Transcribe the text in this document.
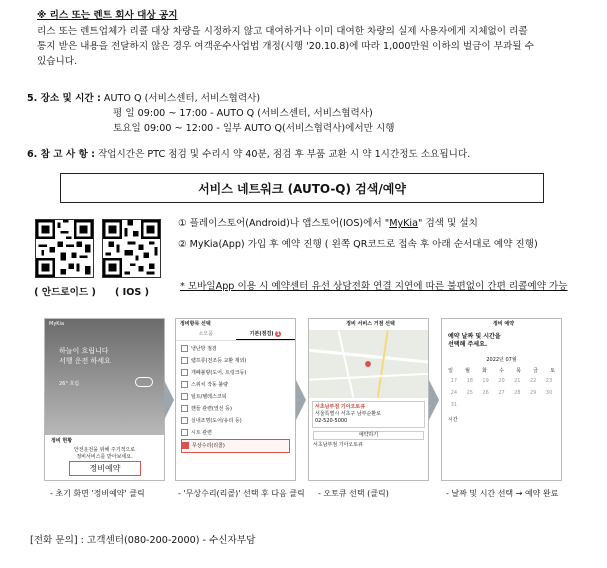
※ 리스 또는 렌트 회사 대상 공지
리스 또는 렌트업체가 리콜 대상 차량을 시정하지 않고 대여하거나 이미 대여한 차량의 실제 사용자에게 지체없이 리콜
통지 받은 내용을 전달하지 않은 경우 여객운수사업법 개정(시행 '20.10.8)에 따라 1,000만원 이하의 벌금이 부과될 수
있습니다.
5. 장소 및 시간 : AUTO Q (서비스센터, 서비스협력사)
평 일 09:00 ~ 17:00 - AUTO Q (서비스센터, 서비스협력사)
토요일 09:00 ~ 12:00 - 일부 AUTO Q(서비스협력사)에서만 시행
6. 참 고 사 항 : 작업시간은 PTC 점검 및 수리시 약 40분, 점검 후 부품 교환 시 약 1시간정도 소요됩니다.
서비스 네트워크 (AUTO-Q) 검색/예약
( 안드로이드 )	( IOS )
① 플레이스토어(Android)나 앱스토어(IOS)에서 "MyKia" 검색 및 설치
② MyKia(App) 가입 후 예약 진행 ( 왼쪽 QR코드로 접속 후 아래 순서대로 예약 진행)
* 모바일App 이용 시 예약센터 유선 상담전화 연결 지연에 따른 불편없이 간편 리콜예약 가능
MyKia
하늘이 흐립니다
서행 운전 하세요
26° 흐림
정비 현황
안전운전을 위해 주기적으로
정비서비스를 받아보세요.
정비예약
정비항목 선택
소모품	기본(점검) 1
냉난방 점검
램프류(전조등 교환 제외)
개폐불량(도어, 트렁크등)
스위치 작동 불량
틸트/텔레스코픽
핸들 관련(열선 등)
실내조명(도어/유리 등)
시트 관련
무상수리(리콜)
정비 서비스 거점 선택
서초남부점 기아오토큐
서울특별시 서초구 남부순환로
02-520-5000
예약하기
서초남부점 기아오토큐
정비 예약
예약 날짜 및 시간을
선택해 주세요.
2022년 07월
일 월 화 수 목 금 토
17	18	19	20	21	22	23
24	25	26	27	28	29	30
31
시간
- 초기 화면 '정비예약' 클릭	- '무상수리(리콜)' 선택 후 다음 클릭 - 오토큐 선택 (클릭)	- 날짜 및 시간 선택 → 예약 완료
[전화 문의] : 고객센터(080-200-2000) - 수신자부담
